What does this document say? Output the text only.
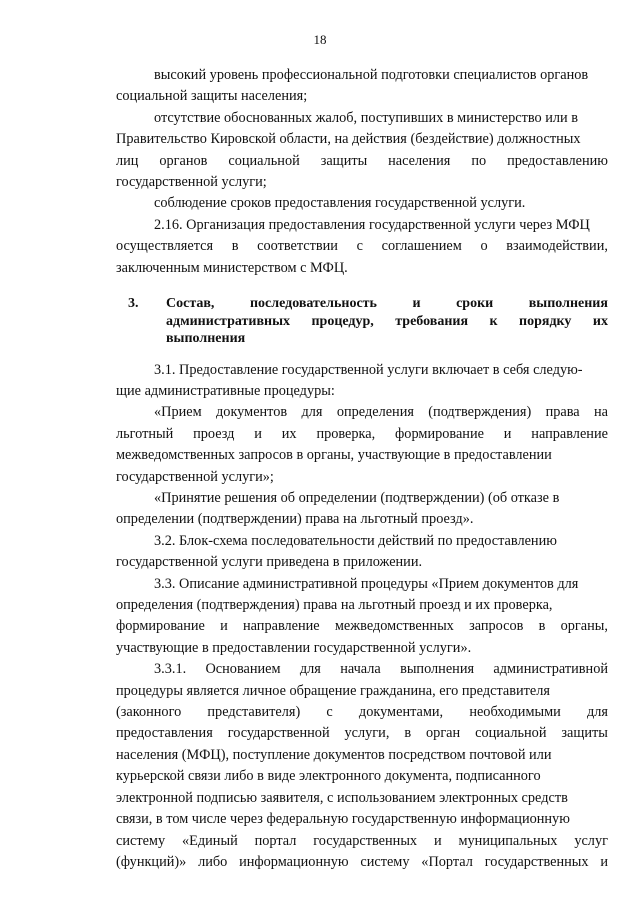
18
высокий уровень профессиональной подготовки специалистов органов
социальной защиты населения;
отсутствие обоснованных жалоб, поступивших в министерство или в
Правительство Кировской области, на действия (бездействие) должностных
лиц органов социальной защиты населения по предоставлению
государственной услуги;
соблюдение сроков предоставления государственной услуги.
2.16. Организация предоставления государственной услуги через МФЦ
осуществляется в соответствии с соглашением о взаимодействии,
заключенным министерством с МФЦ.
3.	Состав,	последовательность	и	сроки	выполнения
административных процедур, требования к порядку их
выполнения
3.1. Предоставление государственной услуги включает в себя следую-
щие административные процедуры:
«Прием документов для определения (подтверждения) права на
льготный проезд и их проверка, формирование и направление
межведомственных запросов в органы, участвующие в предоставлении
государственной услуги»;
«Принятие решения об определении (подтверждении) (об отказе в
определении (подтверждении) права на льготный проезд».
3.2. Блок-схема последовательности действий по предоставлению
государственной услуги приведена в приложении.
3.3. Описание административной процедуры «Прием документов для
определения (подтверждения) права на льготный проезд и их проверка,
формирование и направление межведомственных запросов в органы,
участвующие в предоставлении государственной услуги».
3.3.1. Основанием для начала выполнения административной
процедуры является личное обращение гражданина, его представителя
(законного представителя) с документами, необходимыми для
предоставления государственной услуги, в орган социальной защиты
населения (МФЦ), поступление документов посредством почтовой или
курьерской связи либо в виде электронного документа, подписанного
электронной подписью заявителя, с использованием электронных средств
связи, в том числе через федеральную государственную информационную
систему «Единый портал государственных и муниципальных услуг
(функций)» либо информационную систему «Портал государственных и
